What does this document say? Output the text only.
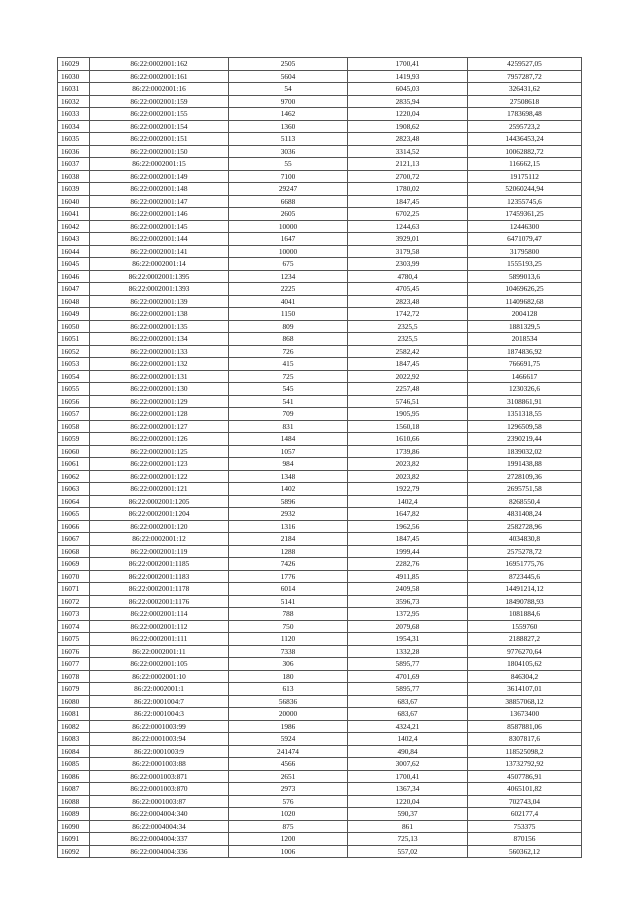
16029	86:22:0002001:162	2505	1700,41	4259527,05
16030	86:22:0002001:161	5604	1419,93	7957287,72
16031	86:22:0002001:16	54	6045,03	326431,62
16032	86:22:0002001:159	9700	2835,94	27508618
16033	86:22:0002001:155	1462	1220,04	1783698,48
16034	86:22:0002001:154	1360	1908,62	2595723,2
16035	86:22:0002001:151	5113	2823,48	14436453,24
16036	86:22:0002001:150	3036	3314,52	10062882,72
16037	86:22:0002001:15	55	2121,13	116662,15
16038	86:22:0002001:149	7100	2700,72	19175112
16039	86:22:0002001:148	29247	1780,02	52060244,94
16040	86:22:0002001:147	6688	1847,45	12355745,6
16041	86:22:0002001:146	2605	6702,25	17459361,25
16042	86:22:0002001:145	10000	1244,63	12446300
16043	86:22:0002001:144	1647	3929,01	6471079,47
16044	86:22:0002001:141	10000	3179,58	31795800
16045	86:22:0002001:14	675	2303,99	1555193,25
16046	86:22:0002001:1395	1234	4780,4	5899013,6
16047	86:22:0002001:1393	2225	4705,45	10469626,25
16048	86:22:0002001:139	4041	2823,48	11409682,68
16049	86:22:0002001:138	1150	1742,72	2004128
16050	86:22:0002001:135	809	2325,5	1881329,5
16051	86:22:0002001:134	868	2325,5	2018534
16052	86:22:0002001:133	726	2582,42	1874836,92
16053	86:22:0002001:132	415	1847,45	766691,75
16054	86:22:0002001:131	725	2022,92	1466617
16055	86:22:0002001:130	545	2257,48	1230326,6
16056	86:22:0002001:129	541	5746,51	3108861,91
16057	86:22:0002001:128	709	1905,95	1351318,55
16058	86:22:0002001:127	831	1560,18	1296509,58
16059	86:22:0002001:126	1484	1610,66	2390219,44
16060	86:22:0002001:125	1057	1739,86	1839032,02
16061	86:22:0002001:123	984	2023,82	1991438,88
16062	86:22:0002001:122	1348	2023,82	2728109,36
16063	86:22:0002001:121	1402	1922,79	2695751,58
16064	86:22:0002001:1205	5896	1402,4	8268550,4
16065	86:22:0002001:1204	2932	1647,82	4831408,24
16066	86:22:0002001:120	1316	1962,56	2582728,96
16067	86:22:0002001:12	2184	1847,45	4034830,8
16068	86:22:0002001:119	1288	1999,44	2575278,72
16069	86:22:0002001:1185	7426	2282,76	16951775,76
16070	86:22:0002001:1183	1776	4911,85	8723445,6
16071	86:22:0002001:1178	6014	2409,58	14491214,12
16072	86:22:0002001:1176	5141	3596,73	18490788,93
16073	86:22:0002001:114	788	1372,95	1081884,6
16074	86:22:0002001:112	750	2079,68	1559760
16075	86:22:0002001:111	1120	1954,31	2188827,2
16076	86:22:0002001:11	7338	1332,28	9776270,64
16077	86:22:0002001:105	306	5895,77	1804105,62
16078	86:22:0002001:10	180	4701,69	846304,2
16079	86:22:0002001:1	613	5895,77	3614107,01
16080	86:22:0001004:7	56836	683,67	38857068,12
16081	86:22:0001004:3	20000	683,67	13673400
16082	86:22:0001003:99	1986	4324,21	8587881,06
16083	86:22:0001003:94	5924	1402,4	8307817,6
16084	86:22:0001003:9	241474	490,84	118525098,2
16085	86:22:0001003:88	4566	3007,62	13732792,92
16086	86:22:0001003:871	2651	1700,41	4507786,91
16087	86:22:0001003:870	2973	1367,34	4065101,82
16088	86:22:0001003:87	576	1220,04	702743,04
16089	86:22:0004004:340	1020	590,37	602177,4
16090	86:22:0004004:34	875	861	753375
16091	86:22:0004004:337	1200	725,13	870156
16092	86:22:0004004:336	1006	557,02	560362,12
